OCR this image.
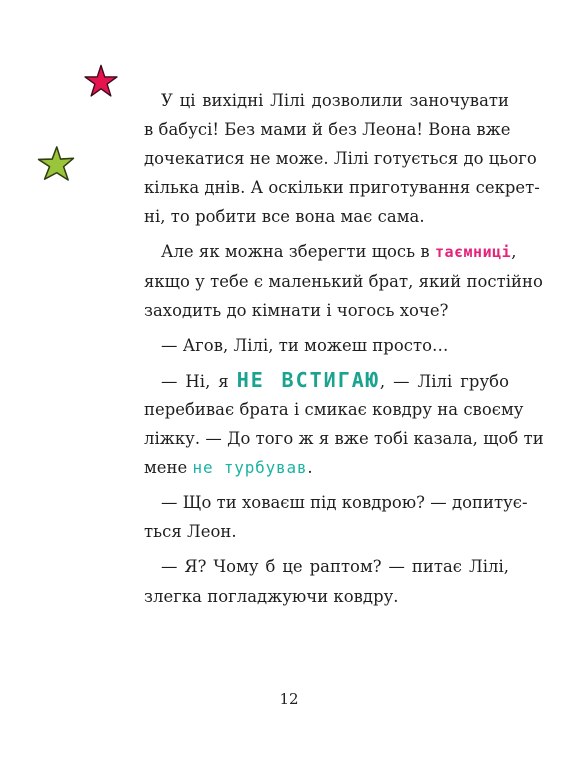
У ці вихідні Лілі дозволили заночувати
в бабусі! Без мами й без Леона! Вона вже
дочекатися не може. Лілі готується до цього
кілька днів. А оскільки приготування секрет-
ні, то робити все вона має сама.
Але як можна зберегти щось в таємниці,
якщо у тебе є маленький брат, який постійно
заходить до кімнати і чогось хоче?
— Агов, Лілі, ти можеш просто…
— Ні, я НЕ ВСТИГАЮ, — Лілі грубо
перебиває брата і смикає ковдру на своєму
ліжку. — До того ж я вже тобі казала, щоб ти
мене не турбував.
— Що ти ховаєш під ковдрою? — допитує-
ться Леон.
— Я? Чому б це раптом? — питає Лілі,
злегка погладжуючи ковдру.
12
